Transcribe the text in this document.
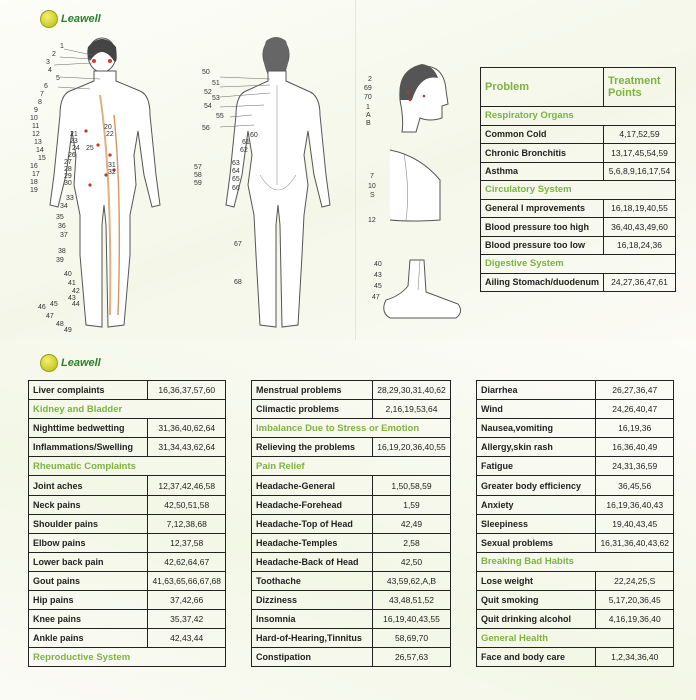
Leawell
1
2
3
4
5
6
7
8
9
10
11
12
13
14
15
16
17
18
19
20
21	22
23
24 25
26
27
28
29
30
31
32
33
34
35
36
37
38
39
40
41
42
43
44
45
46
47
48
49
50
51
52
53
54
55
56
57
58
59
60
61
62
63
64
65
66
67
68
2
69
70
1
A
B
7
10
S
12
40
43
45
47
Problem	Treatment Points
Respiratory Organs	
Common Cold	4,17,52,59
Chronic Bronchitis	13,17,45,54,59
Asthma	5,6,8,9,16,17,54
Circulatory System	
General l mprovements	16,18,19,40,55
Blood pressure too high	36,40,43,49,60
Blood pressure too low	16,18,24,36
Digestive System	
Ailing Stomach/duodenum	24,27,36,47,61
Leawell
Liver complaints	16,36,37,57,60
Kidney and Bladder	
Nighttime bedwetting	31,36,40,62,64
Inflammations/Swelling	31,34,43,62,64
Rheumatic Complaints	
Joint aches	12,37,42,46,58
Neck pains	42,50,51,58
Shoulder pains	7,12,38,68
Elbow pains	12,37,58
Lower back pain	42,62,64,67
Gout pains	41,63,65,66,67,68
Hip pains	37,42,66
Knee pains	35,37,42
Ankle pains	42,43,44
Reproductive System	
Menstrual problems	28,29,30,31,40,62
Climactic problems	2,16,19,53,64
Imbalance Due to Stress or Emotion	
Relieving the problems	16,19,20,36,40,55
Pain Relief	
Headache-General	1,50,58,59
Headache-Forehead	1,59
Headache-Top of Head	42,49
Headache-Temples	2,58
Headache-Back of Head	42,50
Toothache	43,59,62,A,B
Dizziness	43,48,51,52
Insomnia	16,19,40,43,55
Hard-of-Hearing,Tinnitus	58,69,70
Constipation	26,57,63
Diarrhea	26,27,36,47
Wind	24,26,40,47
Nausea,vomiting	16,19,36
Allergy,skin rash	16,36,40,49
Fatigue	24,31,36,59
Greater body efficiency	36,45,56
Anxiety	16,19,36,40,43
Sleepiness	19,40,43,45
Sexual problems	16,31,36,40,43,62
Breaking Bad Habits	
Lose weight	22,24,25,S
Quit smoking	5,17,20,36,45
Quit drinking alcohol	4,16,19,36,40
General Health	
Face and body care	1,2,34,36,40
